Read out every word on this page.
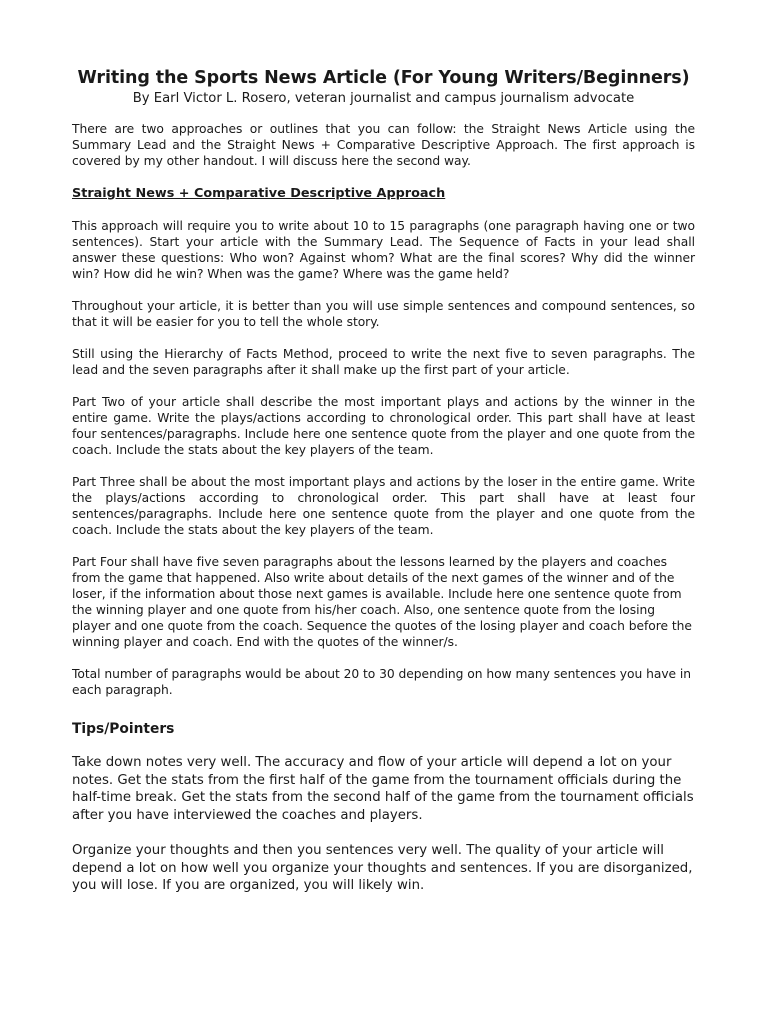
Writing the Sports News Article (For Young Writers/Beginners)

By Earl Victor L. Rosero, veteran journalist and campus journalism advocate

There are two approaches or outlines that you can follow: the Straight News Article using the Summary Lead and the Straight News + Comparative Descriptive Approach. The first approach is covered by my other handout. I will discuss here the second way.

Straight News + Comparative Descriptive Approach

This approach will require you to write about 10 to 15 paragraphs (one paragraph having one or two sentences). Start your article with the Summary Lead. The Sequence of Facts in your lead shall answer these questions: Who won? Against whom? What are the final scores? Why did the winner win? How did he win? When was the game? Where was the game held?

Throughout your article, it is better than you will use simple sentences and compound sentences, so that it will be easier for you to tell the whole story.

Still using the Hierarchy of Facts Method, proceed to write the next five to seven paragraphs. The lead and the seven paragraphs after it shall make up the first part of your article.

Part Two of your article shall describe the most important plays and actions by the winner in the entire game. Write the plays/actions according to chronological order. This part shall have at least four sentences/paragraphs. Include here one sentence quote from the player and one quote from the coach. Include the stats about the key players of the team.

Part Three shall be about the most important plays and actions by the loser in the entire game. Write the plays/actions according to chronological order. This part shall have at least four sentences/paragraphs. Include here one sentence quote from the player and one quote from the coach. Include the stats about the key players of the team.

Part Four shall have five seven paragraphs about the lessons learned by the players and coaches from the game that happened. Also write about details of the next games of the winner and of the loser, if the information about those next games is available. Include here one sentence quote from the winning player and one quote from his/her coach. Also, one sentence quote from the losing player and one quote from the coach. Sequence the quotes of the losing player and coach before the winning player and coach. End with the quotes of the winner/s.

Total number of paragraphs would be about 20 to 30 depending on how many sentences you have in each paragraph.

Tips/Pointers

Take down notes very well. The accuracy and flow of your article will depend a lot on your notes. Get the stats from the first half of the game from the tournament officials during the half-time break. Get the stats from the second half of the game from the tournament officials after you have interviewed the coaches and players.

Organize your thoughts and then you sentences very well. The quality of your article will depend a lot on how well you organize your thoughts and sentences. If you are disorganized, you will lose. If you are organized, you will likely win.
